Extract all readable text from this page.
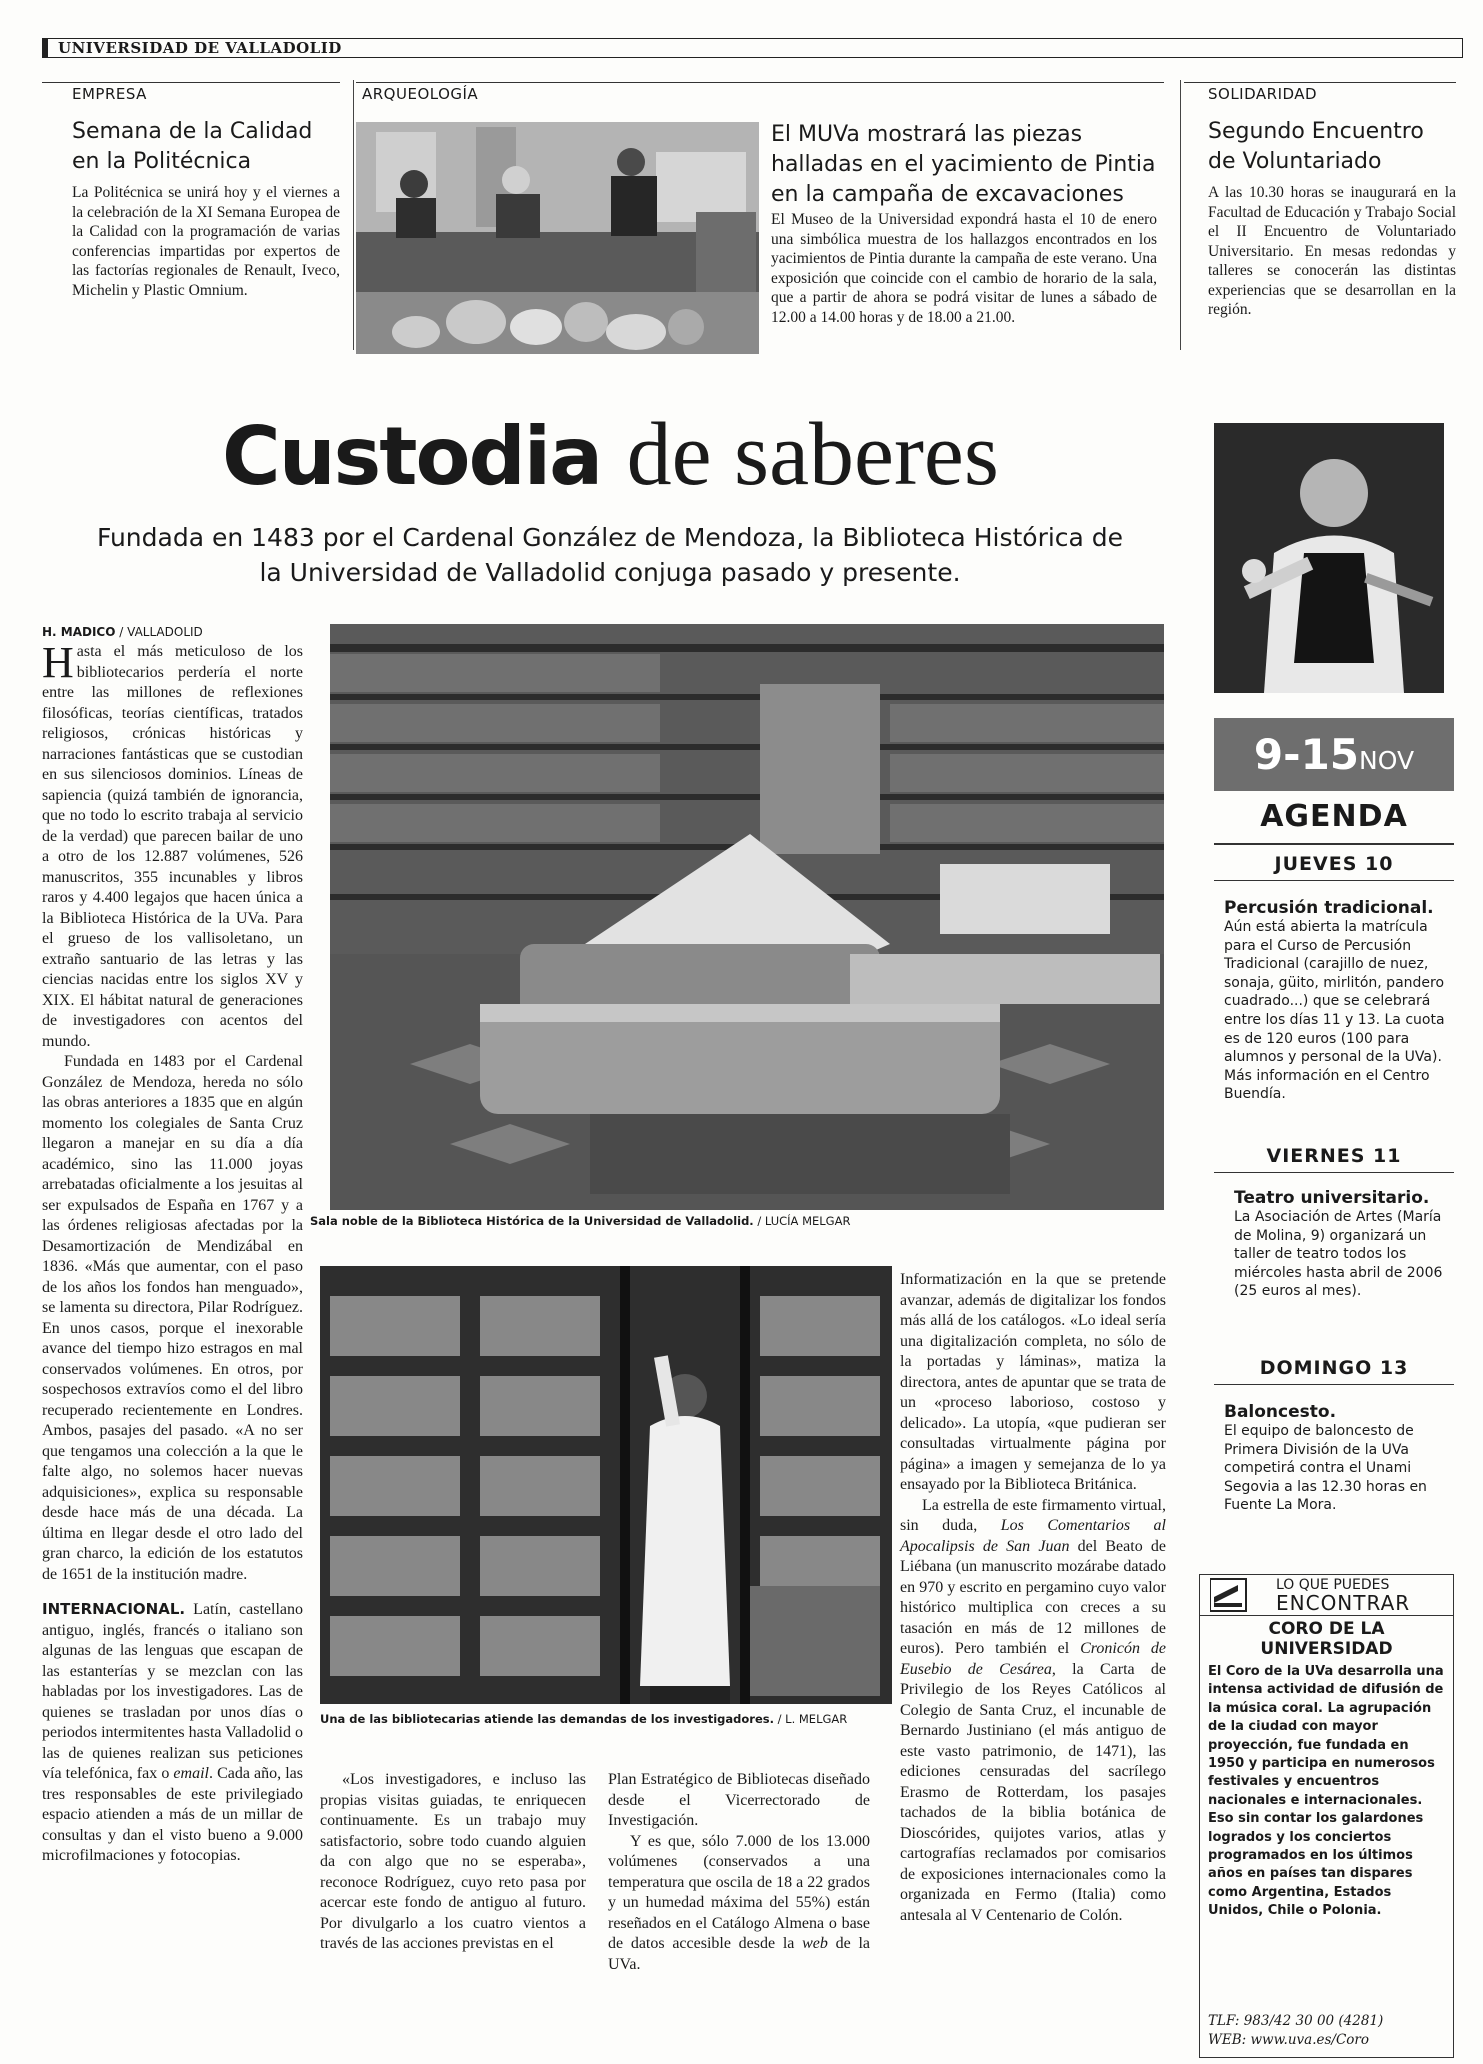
UNIVERSIDAD DE VALLADOLID
EMPRESA
Semana de la Calidad en la Politécnica
La Politécnica se unirá hoy y el viernes a la celebración de la XI Semana Europea de la Calidad con la programación de varias conferencias impartidas por expertos de las factorías regionales de Renault, Iveco, Michelin y Plastic Omnium.
ARQUEOLOGÍA
El MUVa mostrará las piezas halladas en el yacimiento de Pintia en la campaña de excavaciones
El Museo de la Universidad expondrá hasta el 10 de enero una simbólica muestra de los hallazgos encontrados en los yacimientos de Pintia durante la campaña de este verano. Una exposición que coincide con el cambio de horario de la sala, que a partir de ahora se podrá visitar de lunes a sábado de 12.00 a 14.00 horas y de 18.00 a 21.00.
SOLIDARIDAD
Segundo Encuentro de Voluntariado
A las 10.30 horas se inaugurará en la Facultad de Educación y Trabajo Social el II Encuentro de Voluntariado Universitario. En mesas redondas y talleres se conocerán las distintas experiencias que se desarrollan en la región.
Custodia de saberes
Fundada en 1483 por el Cardenal González de Mendoza, la Biblioteca Histórica de
la Universidad de Valladolid conjuga pasado y presente.
9-15NOV
AGENDA
JUEVES 10
Percusión tradicional.
Aún está abierta la matrícula para el Curso de Percusión Tradicional (carajillo de nuez, sonaja, güito, mirlitón, pandero cuadrado...) que se celebrará entre los días 11 y 13. La cuota es de 120 euros (100 para alumnos y personal de la UVa). Más información en el Centro Buendía.
VIERNES 11
Teatro universitario.
La Asociación de Artes (María de Molina, 9) organizará un taller de teatro todos los miércoles hasta abril de 2006 (25 euros al mes).
DOMINGO 13
Baloncesto.
El equipo de baloncesto de Primera División de la UVa competirá contra el Unami Segovia a las 12.30 horas en Fuente La Mora.
LO QUE PUEDES
ENCONTRAR
CORO DE LA
UNIVERSIDAD
El Coro de la UVa desarrolla una intensa actividad de difusión de la música coral. La agrupación de la ciudad con mayor proyección, fue fundada en 1950 y participa en numerosos festivales y encuentros nacionales e internacionales. Eso sin contar los galardones logrados y los conciertos programados en los últimos años en países tan dispares como Argentina, Estados Unidos, Chile o Polonia.
TLF: 983/42 30 00 (4281)
WEB: www.uva.es/Coro
Sala noble de la Biblioteca Histórica de la Universidad de Valladolid. / LUCÍA MELGAR
Una de las bibliotecarias atiende las demandas de los investigadores. / L. MELGAR
H. MADICO / VALLADOLID

Hasta el más meticuloso de los bibliotecarios perdería el norte entre las millones de reflexiones filosóficas, teorías científicas, tratados religiosos, crónicas históricas y narraciones fantásticas que se custodian en sus silenciosos dominios. Líneas de sapiencia (quizá también de ignorancia, que no todo lo escrito trabaja al servicio de la verdad) que parecen bailar de uno a otro de los 12.887 volúmenes, 526 manuscritos, 355 incunables y libros raros y 4.400 legajos que hacen única a la Biblioteca Histórica de la UVa. Para el grueso de los vallisoletano, un extraño santuario de las letras y las ciencias nacidas entre los siglos XV y XIX. El hábitat natural de generaciones de investigadores con acentos del mundo.

Fundada en 1483 por el Cardenal González de Mendoza, hereda no sólo las obras anteriores a 1835 que en algún momento los colegiales de Santa Cruz llegaron a manejar en su día a día académico, sino las 11.000 joyas arrebatadas oficialmente a los jesuitas al ser expulsados de España en 1767 y a las órdenes religiosas afectadas por la Desamortización de Mendizábal en 1836. «Más que aumentar, con el paso de los años los fondos han menguado», se lamenta su directora, Pilar Rodríguez. En unos casos, porque el inexorable avance del tiempo hizo estragos en mal conservados volúmenes. En otros, por sospechosos extravíos como el del libro recuperado recientemente en Londres. Ambos, pasajes del pasado. «A no ser que tengamos una colección a la que le falte algo, no solemos hacer nuevas adquisiciones», explica su responsable desde hace más de una década. La última en llegar desde el otro lado del gran charco, la edición de los estatutos de 1651 de la institución madre.

INTERNACIONAL. Latín, castellano antiguo, inglés, francés o italiano son algunas de las lenguas que escapan de las estanterías y se mezclan con las habladas por los investigadores. Las de quienes se trasladan por unos días o periodos intermitentes hasta Valladolid o las de quienes realizan sus peticiones vía telefónica, fax o email. Cada año, las tres responsables de este privilegiado espacio atienden a más de un millar de consultas y dan el visto bueno a 9.000 microfilmaciones y fotocopias.

«Los investigadores, e incluso las propias visitas guiadas, te enriquecen continuamente. Es un trabajo muy satisfactorio, sobre todo cuando alguien da con algo que no se esperaba», reconoce Rodríguez, cuyo reto pasa por acercar este fondo de antiguo al futuro. Por divulgarlo a los cuatro vientos a través de las acciones previstas en el

Plan Estratégico de Bibliotecas diseñado desde el Vicerrectorado de Investigación.

Y es que, sólo 7.000 de los 13.000 volúmenes (conservados a una temperatura que oscila de 18 a 22 grados y un humedad máxima del 55%) están reseñados en el Catálogo Almena o base de datos accesible desde la web de la UVa.

Informatización en la que se pretende avanzar, además de digitalizar los fondos más allá de los catálogos. «Lo ideal sería una digitalización completa, no sólo de la portadas y láminas», matiza la directora, antes de apuntar que se trata de un «proceso laborioso, costoso y delicado». La utopía, «que pudieran ser consultadas virtualmente página por página» a imagen y semejanza de lo ya ensayado por la Biblioteca Británica.

La estrella de este firmamento virtual, sin duda, Los Comentarios al Apocalipsis de San Juan del Beato de Liébana (un manuscrito mozárabe datado en 970 y escrito en pergamino cuyo valor histórico multiplica con creces a su tasación en más de 12 millones de euros). Pero también el Cronicón de Eusebio de Cesárea, la Carta de Privilegio de los Reyes Católicos al Colegio de Santa Cruz, el incunable de Bernardo Justiniano (el más antiguo de este vasto patrimonio, de 1471), las ediciones censuradas del sacrílego Erasmo de Rotterdam, los pasajes tachados de la biblia botánica de Dioscórides, quijotes varios, atlas y cartografías reclamados por comisarios de exposiciones internacionales como la organizada en Fermo (Italia) como antesala al V Centenario de Colón.
